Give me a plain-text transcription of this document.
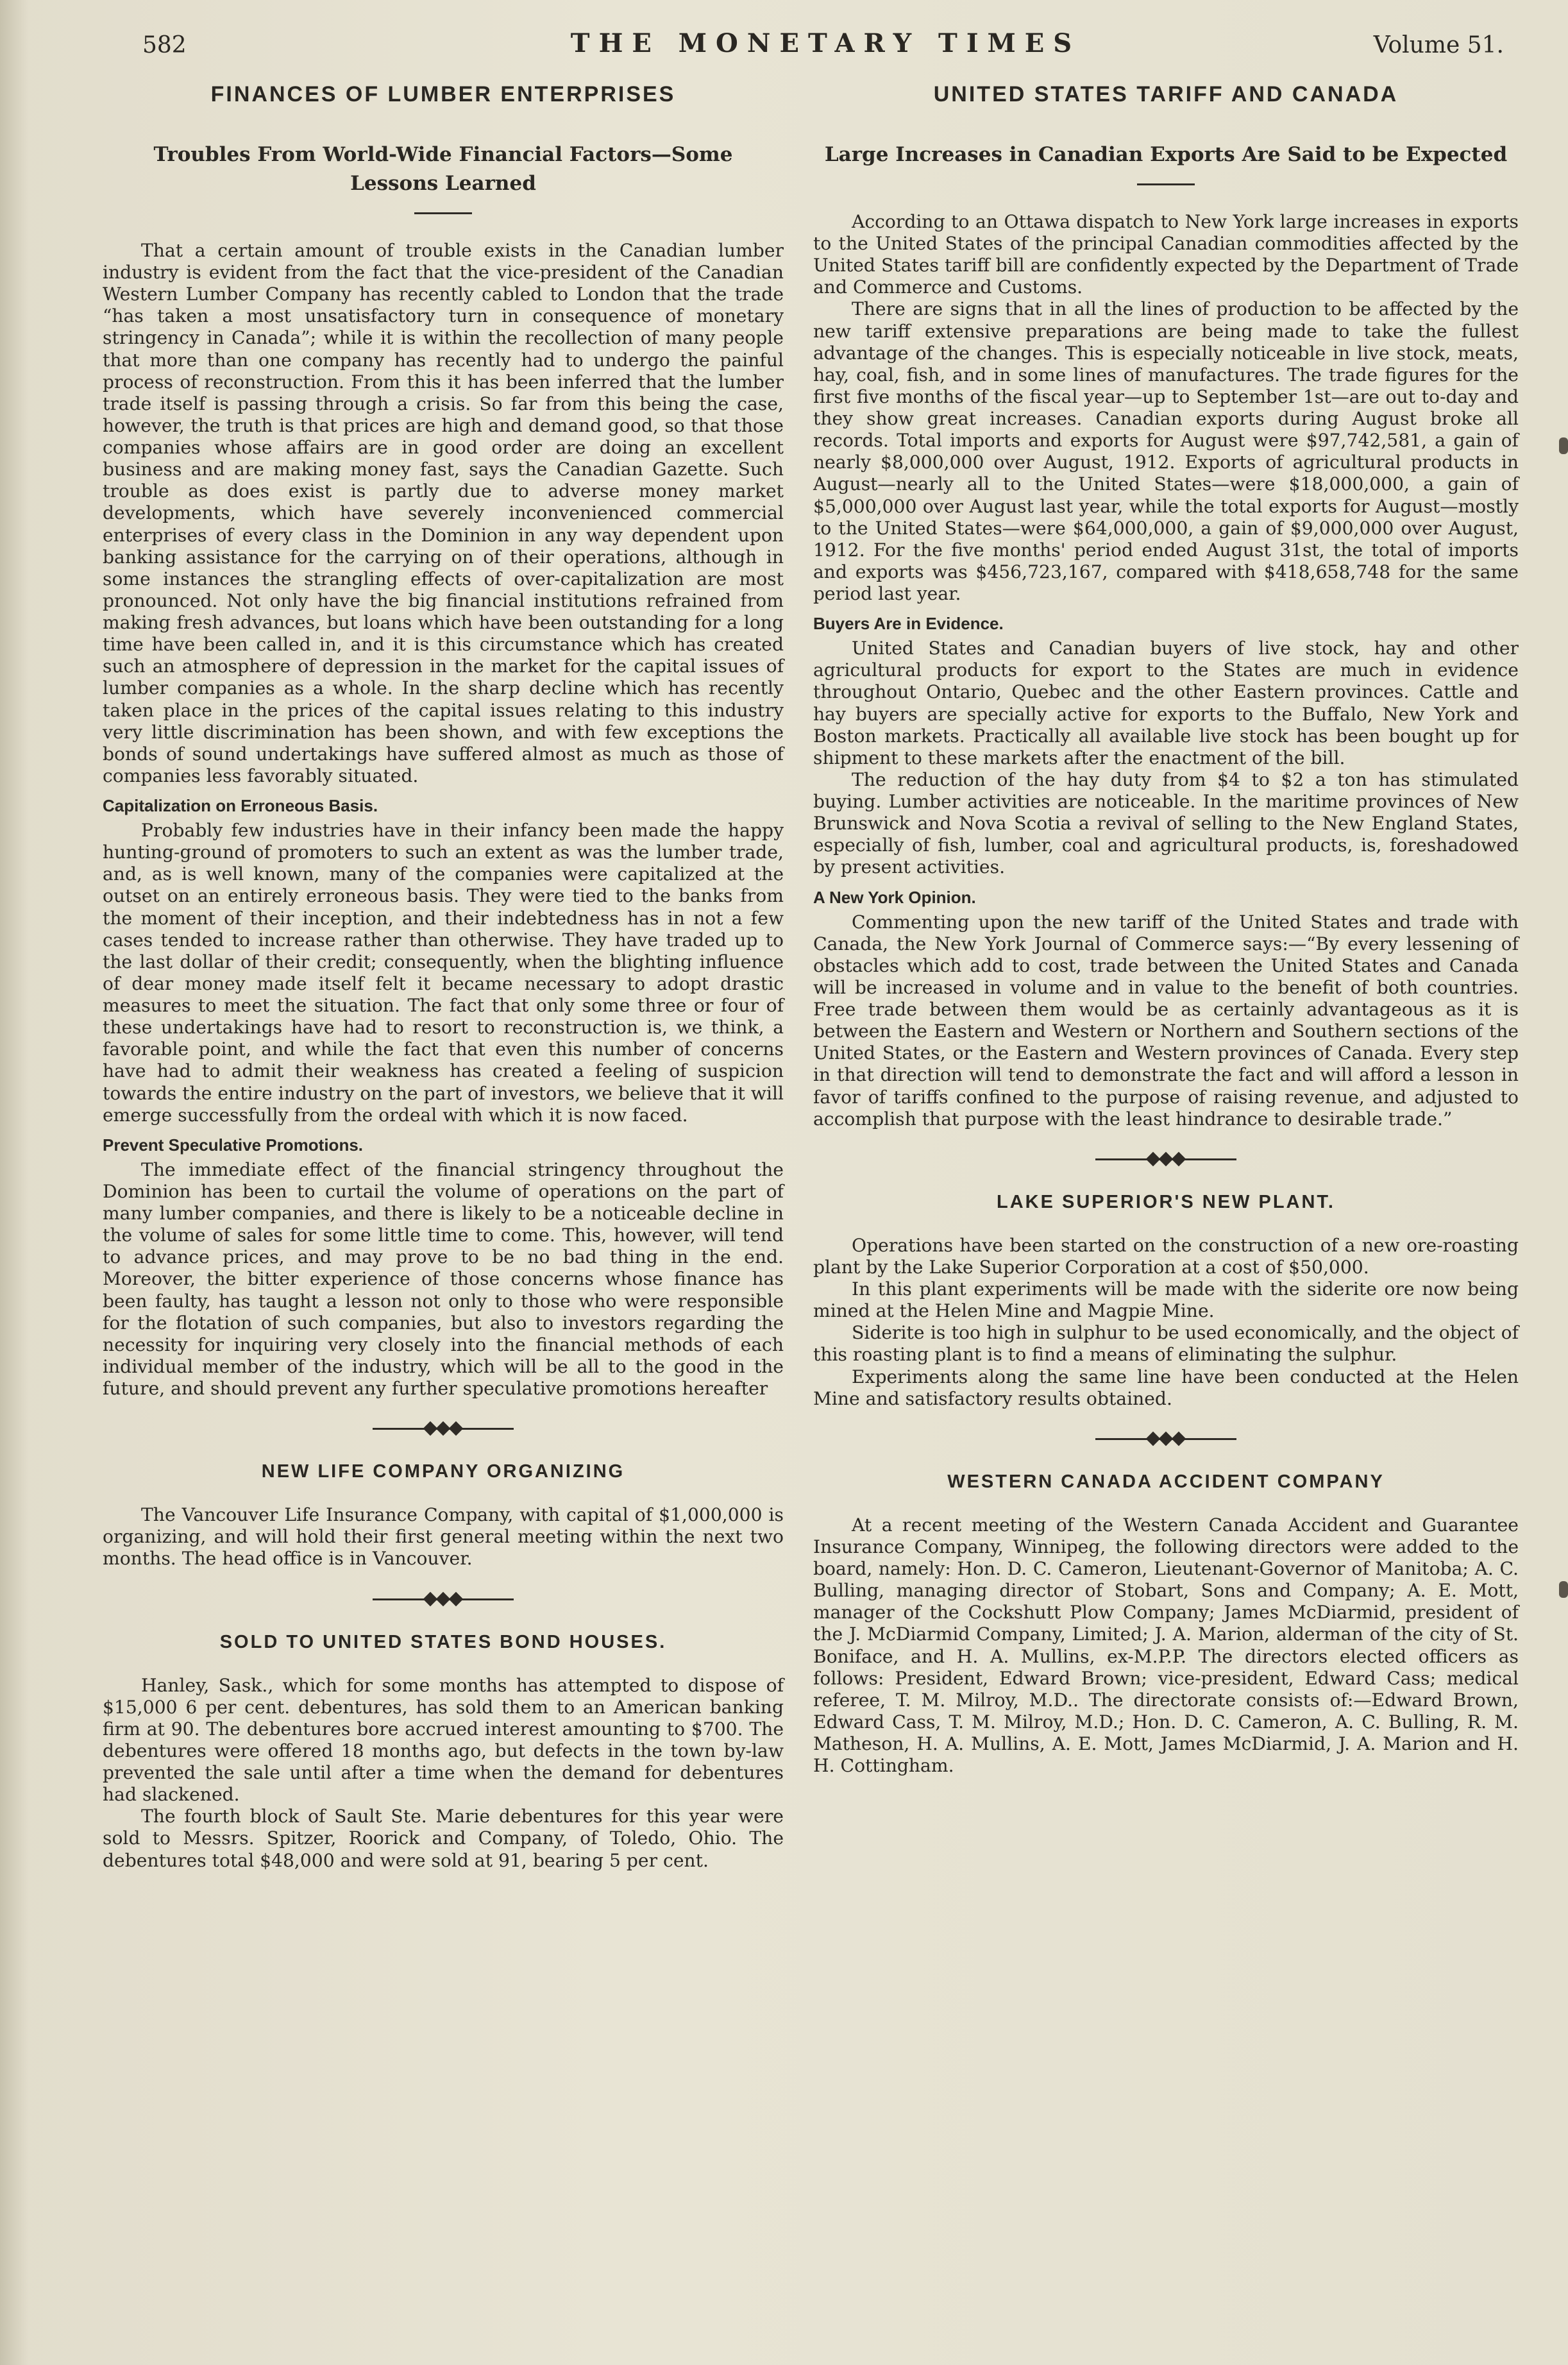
582	THE MONETARY TIMES	Volume 51.
FINANCES OF LUMBER ENTERPRISES
Troubles From World-Wide Financial Factors—Some Lessons Learned

That a certain amount of trouble exists in the Canadian lumber industry is evident from the fact that the vice-president of the Canadian Western Lumber Company has recently cabled to London that the trade “has taken a most unsatisfactory turn in consequence of monetary stringency in Canada”; while it is within the recollection of many people that more than one company has recently had to undergo the painful process of reconstruction. From this it has been inferred that the lumber trade itself is passing through a crisis. So far from this being the case, however, the truth is that prices are high and demand good, so that those companies whose affairs are in good order are doing an excellent business and are making money fast, says the Canadian Gazette. Such trouble as does exist is partly due to adverse money market developments, which have severely inconvenienced commercial enterprises of every class in the Dominion in any way dependent upon banking assistance for the carrying on of their operations, although in some instances the strangling effects of over-capitalization are most pronounced. Not only have the big financial institutions refrained from making fresh advances, but loans which have been outstanding for a long time have been called in, and it is this circumstance which has created such an atmosphere of depression in the market for the capital issues of lumber companies as a whole. In the sharp decline which has recently taken place in the prices of the capital issues relating to this industry very little discrimination has been shown, and with few exceptions the bonds of sound undertakings have suffered almost as much as those of companies less favorably situated.

Capitalization on Erroneous Basis.

Probably few industries have in their infancy been made the happy hunting-ground of promoters to such an extent as was the lumber trade, and, as is well known, many of the companies were capitalized at the outset on an entirely erroneous basis. They were tied to the banks from the moment of their inception, and their indebtedness has in not a few cases tended to increase rather than otherwise. They have traded up to the last dollar of their credit; consequently, when the blighting influence of dear money made itself felt it became necessary to adopt drastic measures to meet the situation. The fact that only some three or four of these undertakings have had to resort to reconstruction is, we think, a favorable point, and while the fact that even this number of concerns have had to admit their weakness has created a feeling of suspicion towards the entire industry on the part of investors, we believe that it will emerge successfully from the ordeal with which it is now faced.

Prevent Speculative Promotions.

The immediate effect of the financial stringency throughout the Dominion has been to curtail the volume of operations on the part of many lumber companies, and there is likely to be a noticeable decline in the volume of sales for some little time to come. This, however, will tend to advance prices, and may prove to be no bad thing in the end. Moreover, the bitter experience of those concerns whose finance has been faulty, has taught a lesson not only to those who were responsible for the flotation of such companies, but also to investors regarding the necessity for inquiring very closely into the financial methods of each individual member of the industry, which will be all to the good in the future, and should prevent any further speculative promotions hereafter

NEW LIFE COMPANY ORGANIZING

The Vancouver Life Insurance Company, with capital of $1,000,000 is organizing, and will hold their first general meeting within the next two months. The head office is in Vancouver.

SOLD TO UNITED STATES BOND HOUSES.

Hanley, Sask., which for some months has attempted to dispose of $15,000 6 per cent. debentures, has sold them to an American banking firm at 90. The debentures bore accrued interest amounting to $700. The debentures were offered 18 months ago, but defects in the town by-law prevented the sale until after a time when the demand for debentures had slackened.

The fourth block of Sault Ste. Marie debentures for this year were sold to Messrs. Spitzer, Roorick and Company, of Toledo, Ohio. The debentures total $48,000 and were sold at 91, bearing 5 per cent.

UNITED STATES TARIFF AND CANADA
Large Increases in Canadian Exports Are Said to be Expected

According to an Ottawa dispatch to New York large increases in exports to the United States of the principal Canadian commodities affected by the United States tariff bill are confidently expected by the Department of Trade and Commerce and Customs.

There are signs that in all the lines of production to be affected by the new tariff extensive preparations are being made to take the fullest advantage of the changes. This is especially noticeable in live stock, meats, hay, coal, fish, and in some lines of manufactures. The trade figures for the first five months of the fiscal year—up to September 1st—are out to-day and they show great increases. Canadian exports during August broke all records. Total imports and exports for August were $97,742,581, a gain of nearly $8,000,000 over August, 1912. Exports of agricultural products in August—nearly all to the United States—were $18,000,000, a gain of $5,000,000 over August last year, while the total exports for August—mostly to the United States—were $64,000,000, a gain of $9,000,000 over August, 1912. For the five months' period ended August 31st, the total of imports and exports was $456,723,167, compared with $418,658,748 for the same period last year.

Buyers Are in Evidence.

United States and Canadian buyers of live stock, hay and other agricultural products for export to the States are much in evidence throughout Ontario, Quebec and the other Eastern provinces. Cattle and hay buyers are specially active for exports to the Buffalo, New York and Boston markets. Practically all available live stock has been bought up for shipment to these markets after the enactment of the bill.

The reduction of the hay duty from $4 to $2 a ton has stimulated buying. Lumber activities are noticeable. In the maritime provinces of New Brunswick and Nova Scotia a revival of selling to the New England States, especially of fish, lumber, coal and agricultural products, is, foreshadowed by present activities.

A New York Opinion.

Commenting upon the new tariff of the United States and trade with Canada, the New York Journal of Commerce says:—“By every lessening of obstacles which add to cost, trade between the United States and Canada will be increased in volume and in value to the benefit of both countries. Free trade between them would be as certainly advantageous as it is between the Eastern and Western or Northern and Southern sections of the United States, or the Eastern and Western provinces of Canada. Every step in that direction will tend to demonstrate the fact and will afford a lesson in favor of tariffs confined to the purpose of raising revenue, and adjusted to accomplish that purpose with the least hindrance to desirable trade.”

LAKE SUPERIOR'S NEW PLANT.

Operations have been started on the construction of a new ore-roasting plant by the Lake Superior Corporation at a cost of $50,000.

In this plant experiments will be made with the siderite ore now being mined at the Helen Mine and Magpie Mine.

Siderite is too high in sulphur to be used economically, and the object of this roasting plant is to find a means of eliminating the sulphur.

Experiments along the same line have been conducted at the Helen Mine and satisfactory results obtained.

WESTERN CANADA ACCIDENT COMPANY

At a recent meeting of the Western Canada Accident and Guarantee Insurance Company, Winnipeg, the following directors were added to the board, namely: Hon. D. C. Cameron, Lieutenant-Governor of Manitoba; A. C. Bulling, managing director of Stobart, Sons and Company; A. E. Mott, manager of the Cockshutt Plow Company; James McDiarmid, president of the J. McDiarmid Company, Limited; J. A. Marion, alderman of the city of St. Boniface, and H. A. Mullins, ex-M.P.P. The directors elected officers as follows: President, Edward Brown; vice-president, Edward Cass; medical referee, T. M. Milroy, M.D.. The directorate consists of:—Edward Brown, Edward Cass, T. M. Milroy, M.D.; Hon. D. C. Cameron, A. C. Bulling, R. M. Matheson, H. A. Mullins, A. E. Mott, James McDiarmid, J. A. Marion and H. H. Cottingham.
